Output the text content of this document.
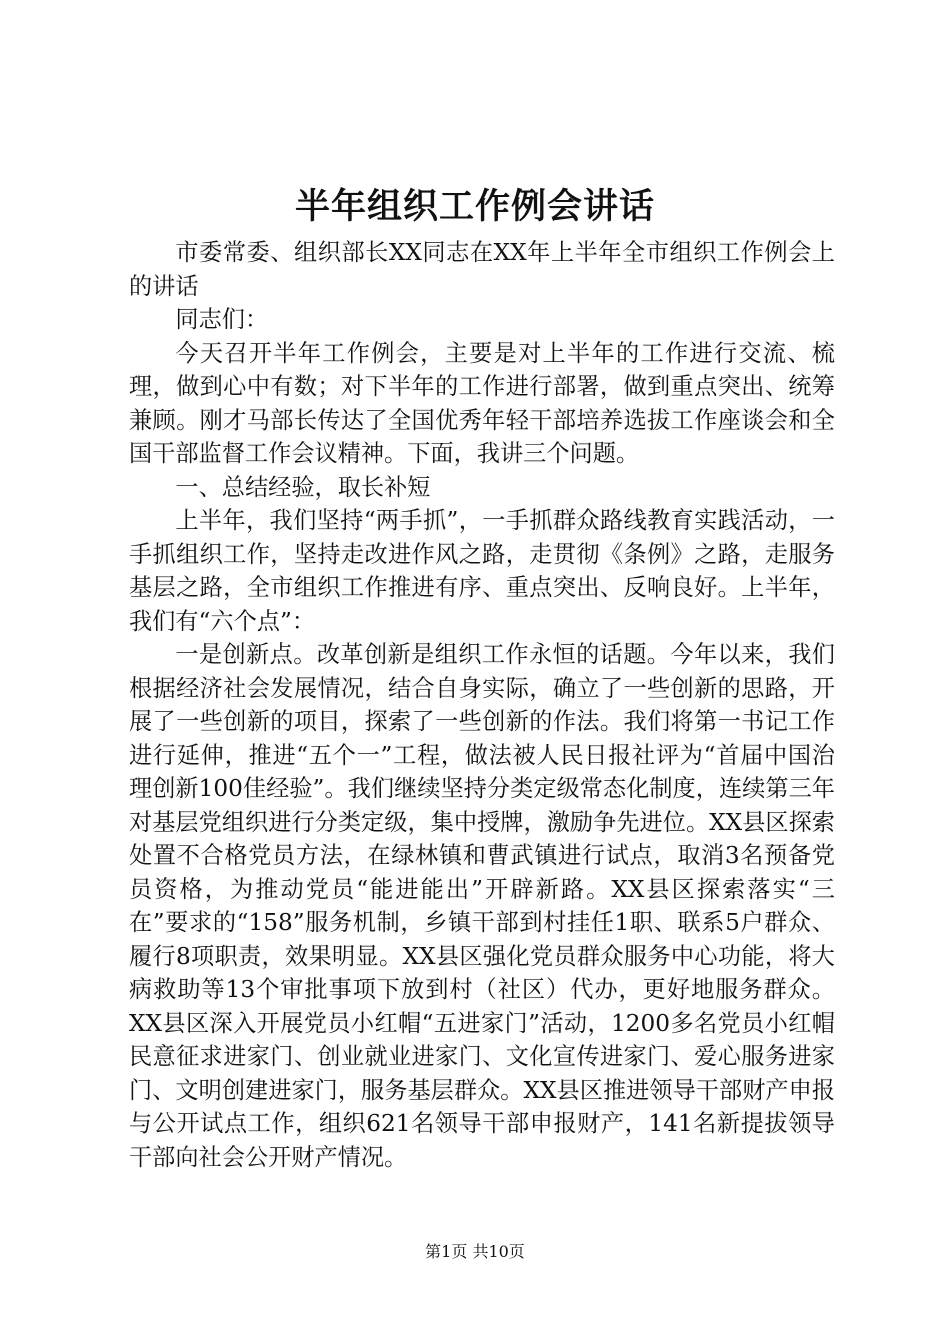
半年组织工作例会讲话

市委常委、组织部长XX同志在XX年上半年全市组织工作例会上的讲话

同志们：

今天召开半年工作例会，主要是对上半年的工作进行交流、梳理，做到心中有数；对下半年的工作进行部署，做到重点突出、统筹兼顾。刚才马部长传达了全国优秀年轻干部培养选拔工作座谈会和全国干部监督工作会议精神。下面，我讲三个问题。

一、总结经验，取长补短

上半年，我们坚持“两手抓”，一手抓群众路线教育实践活动，一手抓组织工作，坚持走改进作风之路，走贯彻《条例》之路，走服务基层之路，全市组织工作推进有序、重点突出、反响良好。上半年，我们有“六个点”：

一是创新点。改革创新是组织工作永恒的话题。今年以来，我们根据经济社会发展情况，结合自身实际，确立了一些创新的思路，开展了一些创新的项目，探索了一些创新的作法。我们将第一书记工作进行延伸，推进“五个一”工程，做法被人民日报社评为“首届中国治理创新100佳经验”。我们继续坚持分类定级常态化制度，连续第三年对基层党组织进行分类定级，集中授牌，激励争先进位。XX县区探索处置不合格党员方法，在绿林镇和曹武镇进行试点，取消3名预备党员资格，为推动党员“能进能出”开辟新路。XX县区探索落实“三在”要求的“158”服务机制，乡镇干部到村挂任1职、联系5户群众、履行8项职责，效果明显。XX县区强化党员群众服务中心功能，将大病救助等13个审批事项下放到村（社区）代办，更好地服务群众。XX县区深入开展党员小红帽“五进家门”活动，1200多名党员小红帽民意征求进家门、创业就业进家门、文化宣传进家门、爱心服务进家门、文明创建进家门，服务基层群众。XX县区推进领导干部财产申报与公开试点工作，组织621名领导干部申报财产，141名新提拔领导干部向社会公开财产情况。

第1页 共10页
